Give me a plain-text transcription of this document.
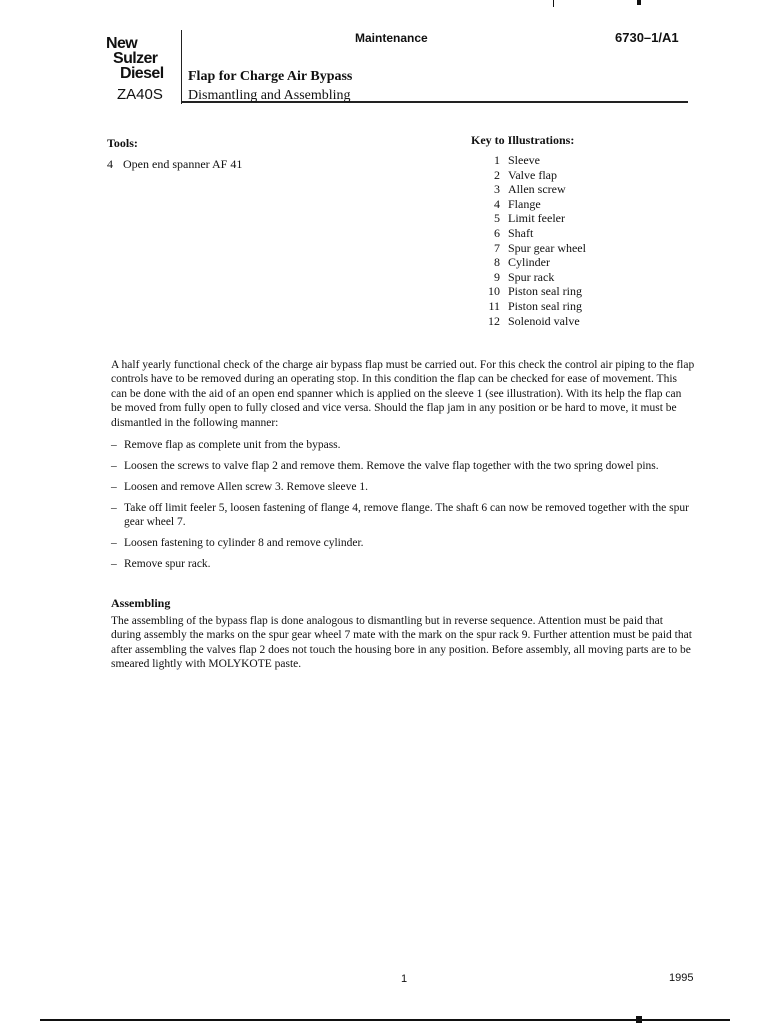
New
Sulzer
Diesel
ZA40S
Maintenance	6730–1/A1
Flap for Charge Air Bypass
Dismantling and Assembling
Tools:
4 Open end spanner AF 41
Key to Illustrations:
1 Sleeve
2 Valve flap
3 Allen screw
4 Flange
5 Limit feeler
6 Shaft
7 Spur gear wheel
8 Cylinder
9 Spur rack
10 Piston seal ring
11 Piston seal ring
12 Solenoid valve
A half yearly functional check of the charge air bypass flap must be carried out. For this check the control air piping to the flap controls have to be removed during an operating stop. In this condition the flap can be checked for ease of movement. This can be done with the aid of an open end spanner which is applied on the sleeve 1 (see illustration). With its help the flap can be moved from fully open to fully closed and vice versa. Should the flap jam in any position or be hard to move, it must be dismantled in the following manner:
– Remove flap as complete unit from the bypass.
– Loosen the screws to valve flap 2 and remove them. Remove the valve flap together with the two spring dowel pins.
– Loosen and remove Allen screw 3. Remove sleeve 1.
– Take off limit feeler 5, loosen fastening of flange 4, remove flange. The shaft 6 can now be removed together with the spur gear wheel 7.
– Loosen fastening to cylinder 8 and remove cylinder.
– Remove spur rack.
Assembling
The assembling of the bypass flap is done analogous to dismantling but in reverse sequence. Attention must be paid that during assembly the marks on the spur gear wheel 7 mate with the mark on the spur rack 9. Further attention must be paid that after assembling the valves flap 2 does not touch the housing bore in any position. Before assembly, all moving parts are to be smeared lightly with MOLYKOTE paste.
1	1995
